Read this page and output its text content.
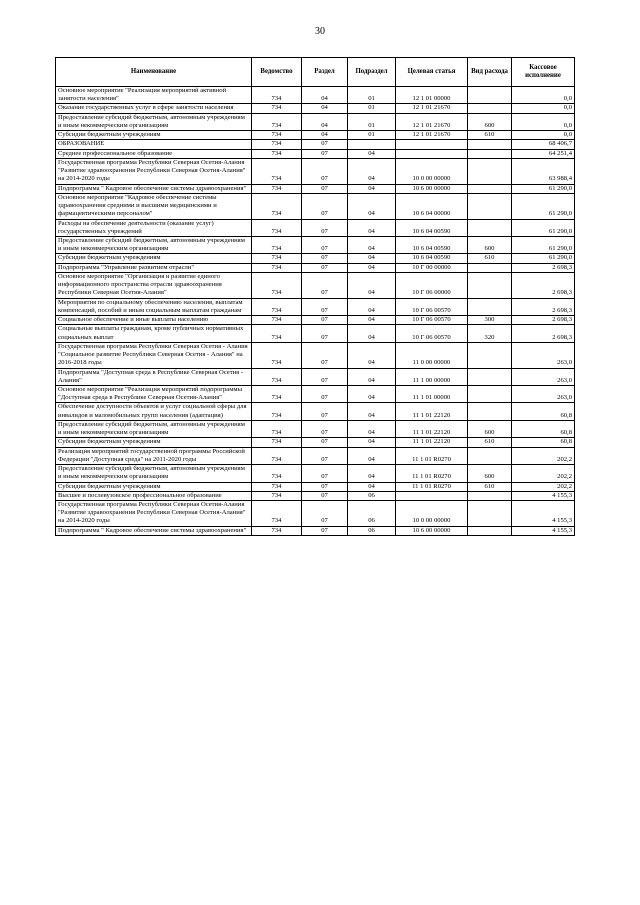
30
Наименование	Ведомство	Раздел	Подраздел	Целевая статья	Вид расхода	Кассовое исполнение
Основное мероприятие "Реализация мероприятий активной занятости населения"	734	04	01	12 1 01 00000		0,0
Оказание государственных услуг в сфере занятости населения	734	04	01	12 1 01 21670		0,0
Предоставление субсидий бюджетным, автономным учреждениям и иным некоммерческим организациям	734	04	01	12 1 01 21670	600	0,0
Субсидии бюджетным учреждениям	734	04	01	12 1 01 21670	610	0,0
ОБРАЗОВАНИЕ	734	07				68 406,7
Среднее профессиональное образование	734	07	04			64 251,4
Государственная программа Республики Северная Осетия-Алания "Развитие здравоохранения Республики Северная Осетия-Алания" на 2014-2020 годы	734	07	04	10 0 00 00000		63 988,4
Подпрограмма " Кадровое обеспечение системы здравоохранения"	734	07	04	10 6 00 00000		61 290,0
Основное мероприятие "Кадровое обеспечение системы здравоохранения средними и высшими медицинскими и фармацевтическими персоналом"	734	07	04	10 6 04 00000		61 290,0
Расходы на обеспечение деятельности (оказание услуг) государственных учреждений	734	07	04	10 6 04 00590		61 290,0
Предоставление субсидий бюджетным, автономным учреждениям и иным некоммерческим организациям	734	07	04	10 6 04 00590	600	61 290,0
Субсидии бюджетным учреждениям	734	07	04	10 6 04 00590	610	61 290,0
Подпрограмма "Управление развитием отрасли"	734	07	04	10 Г 00 00000		2 698,3
Основное мероприятие "Организация и развитие единого информационного пространства отрасли здравоохранения Республики Северная Осетия-Алания"	734	07	04	10 Г 06 00000		2 698,3
Мероприятия по социальному обеспечению населения, выплатам компенсаций, пособий и иным социальным выплатам гражданам	734	07	04	10 Г 06 00570		2 698,3
Социальное обеспечение и иные выплаты населению	734	07	04	10 Г 06 00570	300	2 698,3
Социальные выплаты гражданам, кроме публичных нормативных социальных выплат	734	07	04	10 Г 06 00570	320	2 698,3
Государственная программа Республики Северная Осетия - Алания "Социальное развитие Республики Северная Осетия - Алания" на 2016-2018 годы	734	07	04	11 0 00 00000		263,0
Подпрограмма "Доступная среда в Республике Северная Осетия - Алания"	734	07	04	11 1 00 00000		263,0
Основное мероприятие "Реализация мероприятий подпрограммы "Доступная среда в Республике Северная Осетия-Алания"	734	07	04	11 1 01 00000		263,0
Обеспечение доступности объектов и услуг социальной сферы для инвалидов и маломобильных групп населения (адаптация)	734	07	04	11 1 01 22120		60,8
Предоставление субсидий бюджетным, автономным учреждениям и иным некоммерческим организациям	734	07	04	11 1 01 22120	600	60,8
Субсидии бюджетным учреждениям	734	07	04	11 1 01 22120	610	60,8
Реализация мероприятий государственной программы Российской Федерации "Доступная среда" на 2011-2020 годы	734	07	04	11 1 01 R0270		202,2
Предоставление субсидий бюджетным, автономным учреждениям и иным некоммерческим организациям	734	07	04	11 1 01 R0270	600	202,2
Субсидии бюджетным учреждениям	734	07	04	11 1 01 R0270	610	202,2
Высшее и послевузовское профессиональное образование	734	07	06			4 155,3
Государственная программа Республики Северная Осетия-Алания "Развитие здравоохранения Республики Северная Осетия-Алания" на 2014-2020 годы	734	07	06	10 0 00 00000		4 155,3
Подпрограмма " Кадровое обеспечение системы здравоохранения"	734	07	06	10 6 00 00000		4 155,3
